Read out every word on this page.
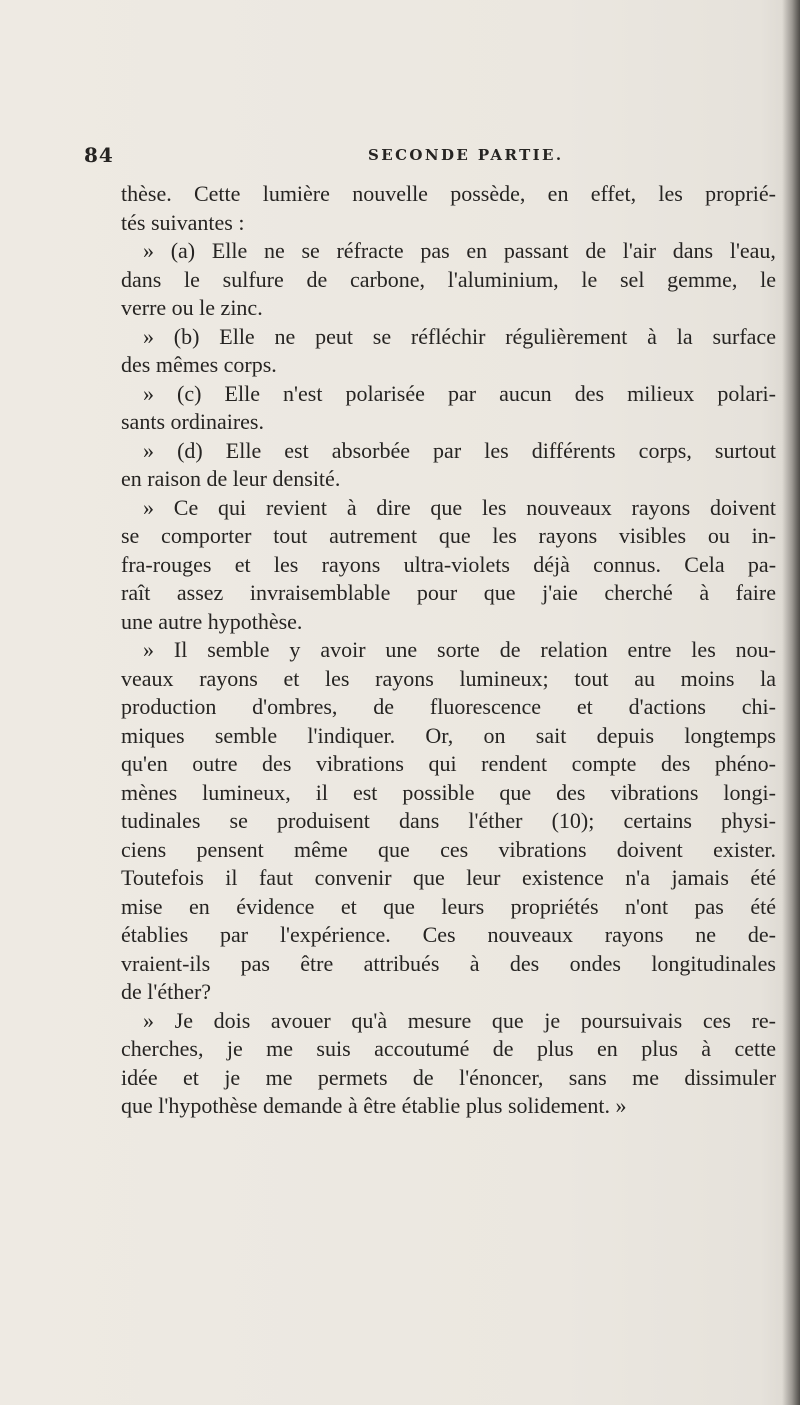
84	SECONDE PARTIE.
thèse. Cette lumière nouvelle possède, en effet, les proprié-
tés suivantes :
» (a) Elle ne se réfracte pas en passant de l'air dans l'eau,
dans le sulfure de carbone, l'aluminium, le sel gemme, le
verre ou le zinc.
» (b) Elle ne peut se réfléchir régulièrement à la surface
des mêmes corps.
» (c) Elle n'est polarisée par aucun des milieux polari-
sants ordinaires.
» (d) Elle est absorbée par les différents corps, surtout
en raison de leur densité.
» Ce qui revient à dire que les nouveaux rayons doivent
se comporter tout autrement que les rayons visibles ou in-
fra-rouges et les rayons ultra-violets déjà connus. Cela pa-
raît assez invraisemblable pour que j'aie cherché à faire
une autre hypothèse.
» Il semble y avoir une sorte de relation entre les nou-
veaux rayons et les rayons lumineux; tout au moins la
production d'ombres, de fluorescence et d'actions chi-
miques semble l'indiquer. Or, on sait depuis longtemps
qu'en outre des vibrations qui rendent compte des phéno-
mènes lumineux, il est possible que des vibrations longi-
tudinales se produisent dans l'éther (10); certains physi-
ciens pensent même que ces vibrations doivent exister.
Toutefois il faut convenir que leur existence n'a jamais été
mise en évidence et que leurs propriétés n'ont pas été
établies par l'expérience. Ces nouveaux rayons ne de-
vraient-ils pas être attribués à des ondes longitudinales
de l'éther?
» Je dois avouer qu'à mesure que je poursuivais ces re-
cherches, je me suis accoutumé de plus en plus à cette
idée et je me permets de l'énoncer, sans me dissimuler
que l'hypothèse demande à être établie plus solidement. »
